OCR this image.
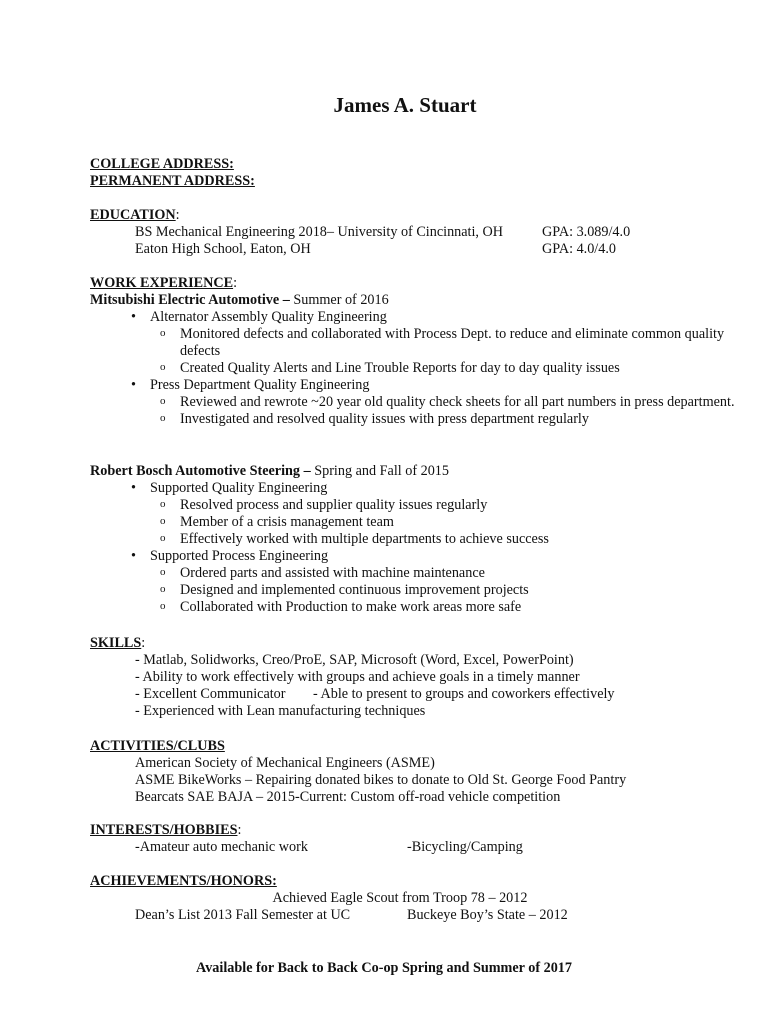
James A. Stuart
COLLEGE ADDRESS:
PERMANENT ADDRESS:
EDUCATION:
BS Mechanical Engineering 2018– University of Cincinnati, OH	GPA: 3.089/4.0
Eaton High School, Eaton, OH	GPA: 4.0/4.0
WORK EXPERIENCE:
Mitsubishi Electric Automotive – Summer of 2016
• Alternator Assembly Quality Engineering
o Monitored defects and collaborated with Process Dept. to reduce and eliminate common quality defects
o Created Quality Alerts and Line Trouble Reports for day to day quality issues
• Press Department Quality Engineering
o Reviewed and rewrote ~20 year old quality check sheets for all part numbers in press department.
o Investigated and resolved quality issues with press department regularly
Robert Bosch Automotive Steering – Spring and Fall of 2015
• Supported Quality Engineering
o Resolved process and supplier quality issues regularly
o Member of a crisis management team
o Effectively worked with multiple departments to achieve success
• Supported Process Engineering
o Ordered parts and assisted with machine maintenance
o Designed and implemented continuous improvement projects
o Collaborated with Production to make work areas more safe
SKILLS:
- Matlab, Solidworks, Creo/ProE, SAP, Microsoft (Word, Excel, PowerPoint)
- Ability to work effectively with groups and achieve goals in a timely manner
- Excellent Communicator - Able to present to groups and coworkers effectively
- Experienced with Lean manufacturing techniques
ACTIVITIES/CLUBS
American Society of Mechanical Engineers (ASME)
ASME BikeWorks – Repairing donated bikes to donate to Old St. George Food Pantry
Bearcats SAE BAJA – 2015-Current: Custom off-road vehicle competition
INTERESTS/HOBBIES:
-Amateur auto mechanic work	-Bicycling/Camping
ACHIEVEMENTS/HONORS:
Achieved Eagle Scout from Troop 78 – 2012
Dean’s List 2013 Fall Semester at UC	Buckeye Boy’s State – 2012
Available for Back to Back Co-op Spring and Summer of 2017
